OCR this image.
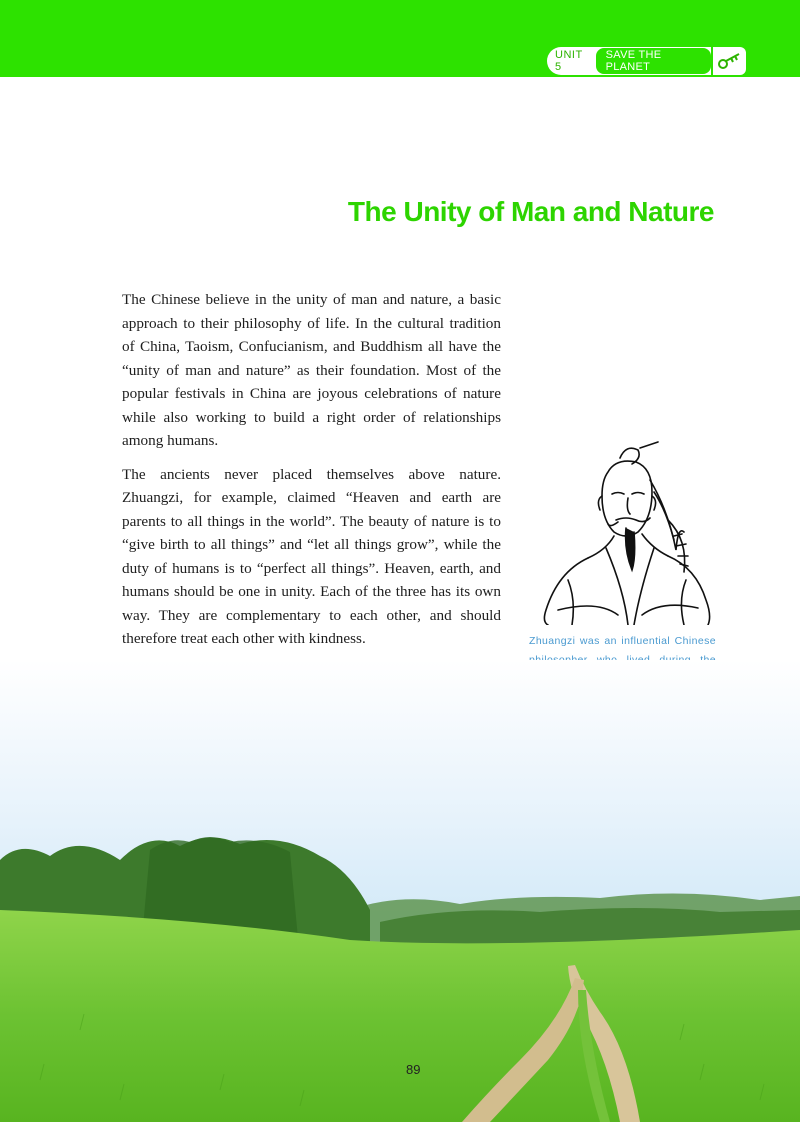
UNIT 5
SAVE THE PLANET
The Unity of Man and Nature

The Chinese believe in the unity of man and nature, a basic approach to their philosophy of life. In the cultural tradition of China, Taoism, Confucianism, and Buddhism all have the “unity of man and nature” as their foundation. Most of the popular festivals in China are joyous celebrations of nature while also working to build a right order of relationships among humans.

The ancients never placed themselves above nature. Zhuangzi, for example, claimed “Heaven and earth are parents to all things in the world”. The beauty of nature is to “give birth to all things” and “let all things grow”, while the duty of humans is to “perfect all things”. Heaven, earth, and humans should be one in unity. Each of the three has its own way. They are complementary to each other, and should therefore treat each other with kindness.	Zhuangzi was an influential Chinese
89
